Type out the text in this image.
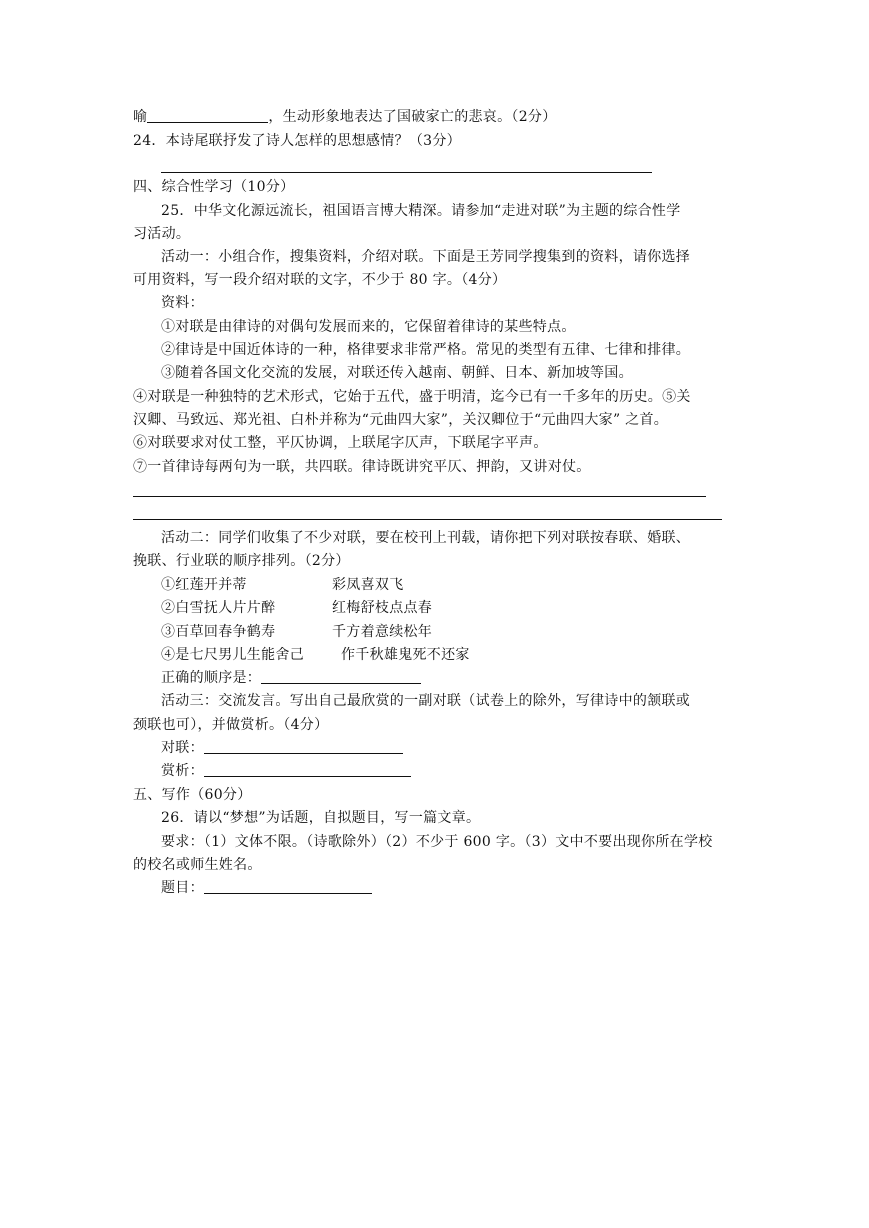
喻	，生动形象地表达了国破家亡的悲哀。（2分）
24．本诗尾联抒发了诗人怎样的思想感情？（3分）
四、综合性学习（10分）
25．中华文化源远流长，祖国语言博大精深。请参加“走进对联”为主题的综合性学
习活动。
活动一：小组合作，搜集资料，介绍对联。下面是王芳同学搜集到的资料，请你选择
可用资料，写一段介绍对联的文字，不少于 80 字。（4分）
资料：
①对联是由律诗的对偶句发展而来的，它保留着律诗的某些特点。
②律诗是中国近体诗的一种，格律要求非常严格。常见的类型有五律、七律和排律。
③随着各国文化交流的发展，对联还传入越南、朝鲜、日本、新加坡等国。
④对联是一种独特的艺术形式，它始于五代，盛于明清，迄今已有一千多年的历史。⑤关
汉卿、马致远、郑光祖、白朴并称为“元曲四大家”，关汉卿位于“元曲四大家” 之首。
⑥对联要求对仗工整，平仄协调，上联尾字仄声，下联尾字平声。
⑦一首律诗每两句为一联，共四联。律诗既讲究平仄、押韵，又讲对仗。
活动二：同学们收集了不少对联，要在校刊上刊载，请你把下列对联按春联、婚联、
挽联、行业联的顺序排列。（2分）
①红莲开并蒂	彩凤喜双飞
②白雪抚人片片醉	红梅舒枝点点春
③百草回春争鹤寿	千方着意续松年
④是七尺男儿生能舍己	作千秋雄鬼死不还家
正确的顺序是：
活动三：交流发言。写出自己最欣赏的一副对联（试卷上的除外，写律诗中的颔联或
颈联也可），并做赏析。（4分）
对联：
赏析：
五、写作（60分）
26．请以“梦想”为话题，自拟题目，写一篇文章。
要求：（1）文体不限。（诗歌除外）（2）不少于 600 字。（3）文中不要出现你所在学校
的校名或师生姓名。
题目：
